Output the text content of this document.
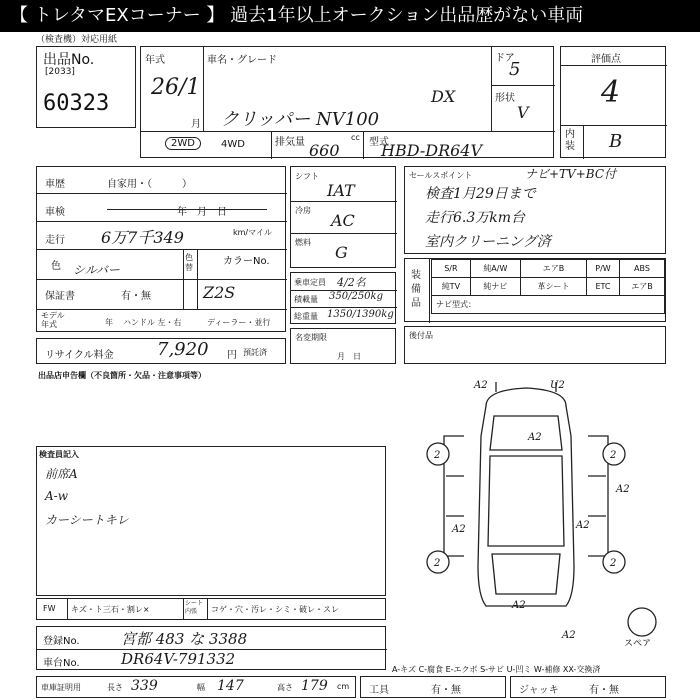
【 トレタマEXコーナー 】 過去1年以上オークション出品歴がない車両
（検査機）対応用紙
出品No.
[2033]
60323
年式
26/1
月
車名・グレード
DX
クリッパー NV100
ドア
5
形状
V
2WD	4WD	排気量 660
cc 型式
HBD-DR64V
評価点
4
内装 B
車歴	自家用・（　　　）
車検	年　月　日
走行 6万7千349	km/マイル
色 シルバー
色替
カラーNo.
Z2S
保証書	有・無
モデル年式	年 ハンドル 左・右	ディーラー・並行
リサイクル料金 7,920 円 預託済
シフト
IAT
冷房
AC
燃料
G
乗車定員 4/2名
積載量 350/250kg
総重量 1350/1390kg
名変期限
月　日
セールスポイント	ナビ+TV+BC付
検査1月29日まで
走行6.3万km台
室内クリーニング済
装備品
S/R	純A/W	エアB	P/W	ABS
純TV	純ナビ	革シート	ETC	エアB
ナビ型式：				
後付品
出品店申告欄（不良箇所・欠品・注意事項等）
検査員記入
前席A
A-w
カーシートキレ
A2	U2
A2
2	2
2	2
A2	A2
A2
A2
A2
スペア
FW キズ・ト三石・割レ×
シート
内張	コゲ・穴・汚レ・シミ・破レ・スレ
登録No.	宮都 483 な 3388
車台No.	DR64V-791332
A-キズ C-腐食 E-エクボ S-サビ U-凹ミ W-補修 XX-交換済
車庫証明用	長さ 339	幅 147	高さ 179 cm 工具	有・無	ジャッキ	有・無
